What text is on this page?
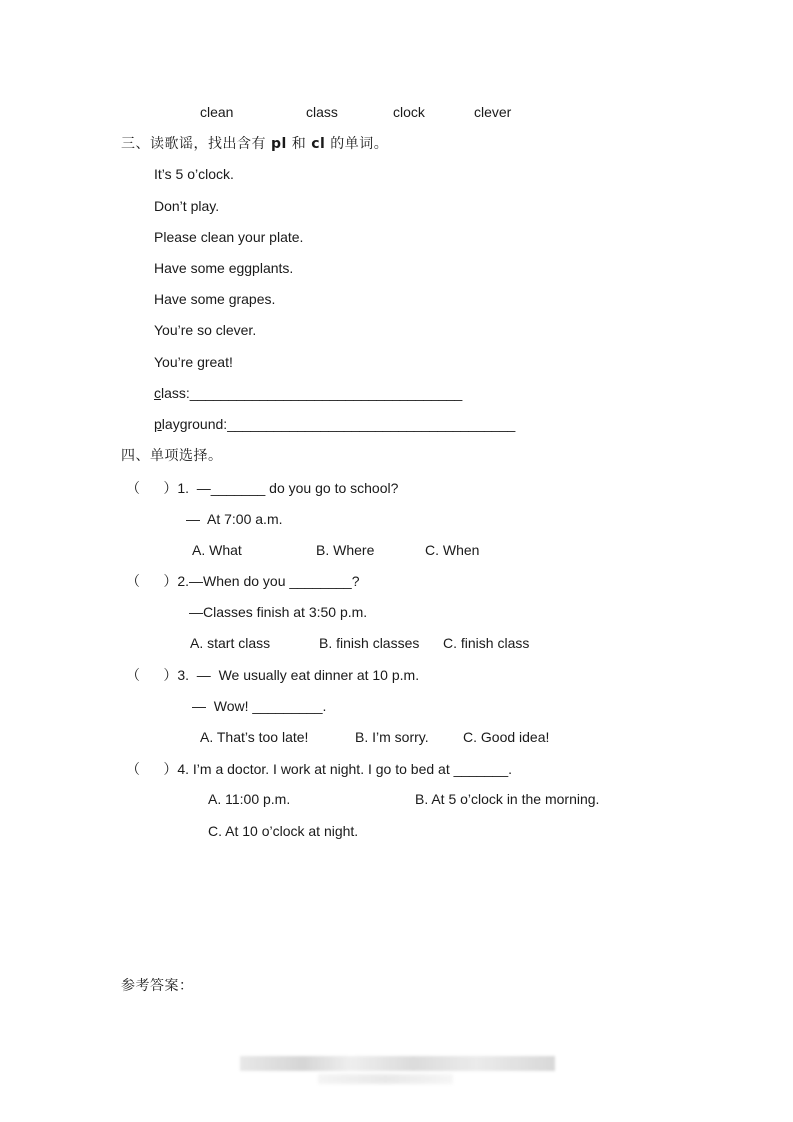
clean	class	clock	clever
三、读歌谣，找出含有 pl 和 cl 的单词。
It’s 5 o’clock.
Don’t play.
Please clean your plate.
Have some eggplants.
Have some grapes.
You’re so clever.
You’re great!
class:___________________________________
playground:_____________________________________
四、单项选择。
（      ）1.  —_______ do you go to school?
—  At 7:00 a.m.
A. What	B. Where	C. When
（      ）2.—When do you ________?
—Classes finish at 3:50 p.m.
A. start class	B. finish classes C. finish class
（      ）3.  —  We usually eat dinner at 10 p.m.
—  Wow! _________.
A. That’s too late!	B. I’m sorry. C. Good idea!
（      ）4. I’m a doctor. I work at night. I go to bed at _______.
A. 11:00 p.m.	B. At 5 o’clock in the morning.
C. At 10 o’clock at night.
参考答案：
